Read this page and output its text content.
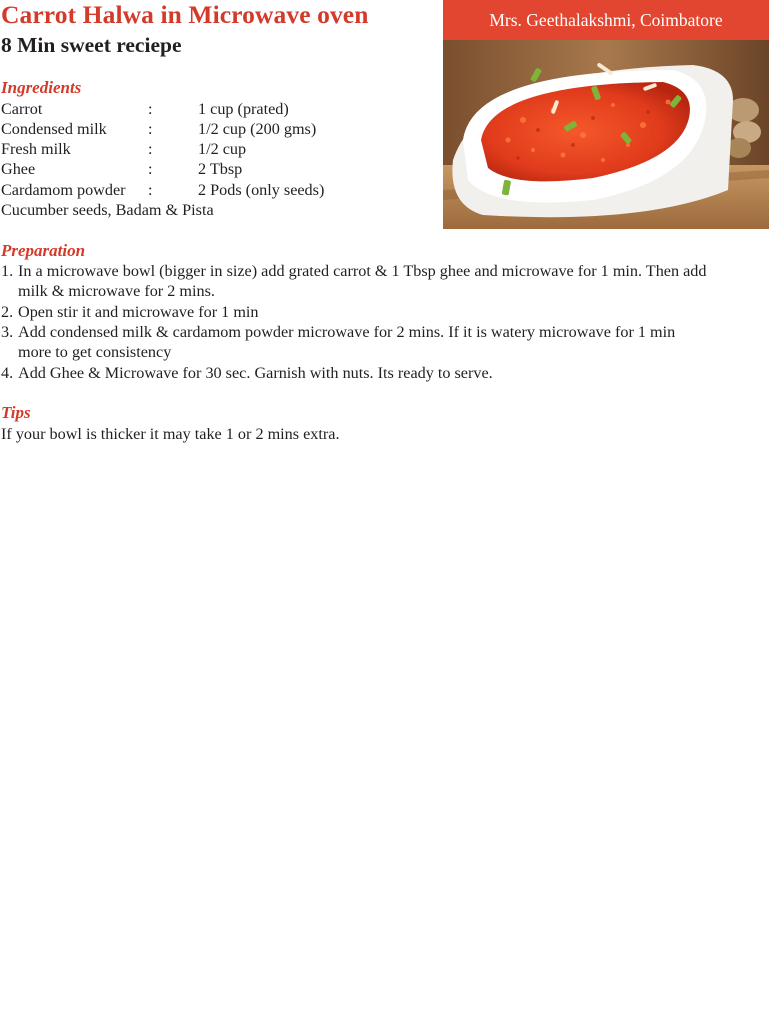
Carrot Halwa in Microwave oven
8 Min sweet reciepe
Mrs. Geethalakshmi, Coimbatore
Ingredients
Carrot	:	1 cup (prated)
Condensed milk	:	1/2 cup (200 gms)
Fresh milk	:	1/2 cup
Ghee	:	2 Tbsp
Cardamom powder :	2 Pods (only seeds)
Cucumber seeds, Badam & Pista
Preparation
1. In a microwave bowl (bigger in size) add grated carrot & 1 Tbsp ghee and microwave for 1 min. Then add milk & microwave for 2 mins.
2. Open stir it and microwave for 1 min
3. Add condensed milk & cardamom powder microwave for 2 mins. If it is watery microwave for 1 min more to get consistency
4. Add Ghee & Microwave for 30 sec. Garnish with nuts. Its ready to serve.
Tips
If your bowl is thicker it may take 1 or 2 mins extra.
